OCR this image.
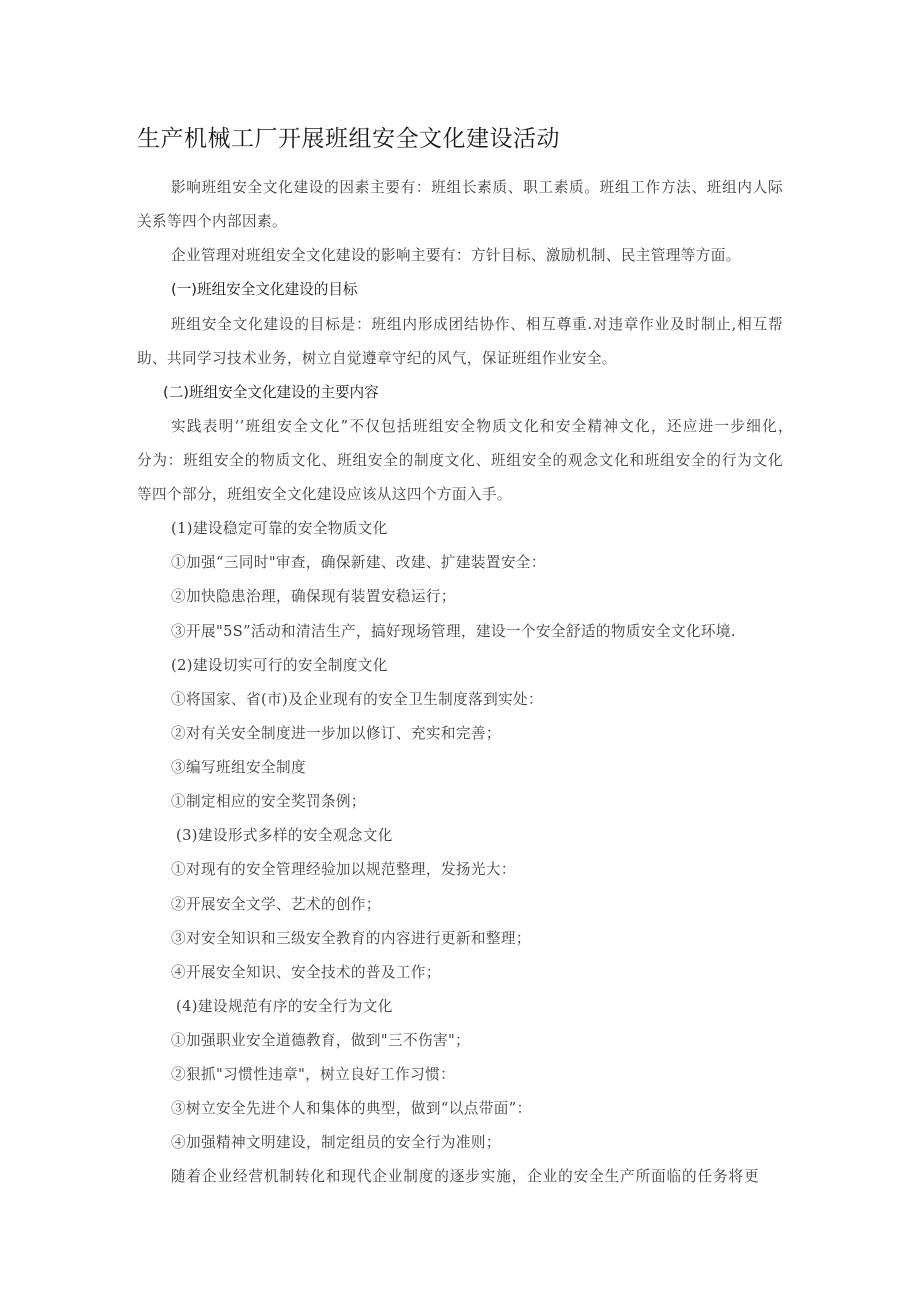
生产机械工厂开展班组安全文化建设活动
影响班组安全文化建设的因素主要有：班组长素质、职工素质。班组工作方法、班组内人际
关系等四个内部因素。
企业管理对班组安全文化建设的影响主要有：方针目标、激励机制、民主管理等方面。
(一)班组安全文化建设的目标
班组安全文化建设的目标是：班组内形成团结协作、相互尊重.对违章作业及时制止,相互帮
助、共同学习技术业务，树立自觉遵章守纪的风气，保证班组作业安全。
(二)班组安全文化建设的主要内容
实践表明‘’班组安全文化”不仅包括班组安全物质文化和安全精神文化，还应进一步细化，
分为：班组安全的物质文化、班组安全的制度文化、班组安全的观念文化和班组安全的行为文化
等四个部分，班组安全文化建设应该从这四个方面入手。
(1)建设稳定可靠的安全物质文化
①加强“三同时"审查，确保新建、改建、扩建装置安全：
②加快隐患治理，确保现有装置安稳运行；
③开展"5S”活动和清洁生产，搞好现场管理，建设一个安全舒适的物质安全文化环境.
(2)建设切实可行的安全制度文化
①将国家、省(市)及企业现有的安全卫生制度落到实处：
②对有关安全制度进一步加以修订、充实和完善；
③编写班组安全制度
①制定相应的安全奖罚条例；
(3)建设形式多样的安全观念文化
①对现有的安全管理经验加以规范整理，发扬光大：
②开展安全文学、艺术的创作；
③对安全知识和三级安全教育的内容进行更新和整理；
④开展安全知识、安全技术的普及工作；
(4)建设规范有序的安全行为文化
①加强职业安全道德教育，做到"三不伤害"；
②狠抓"习惯性违章"，树立良好工作习惯：
③树立安全先进个人和集体的典型，做到“以点带面”：
④加强精神文明建设，制定组员的安全行为准则；
随着企业经营机制转化和现代企业制度的逐步实施，企业的安全生产所面临的任务将更
